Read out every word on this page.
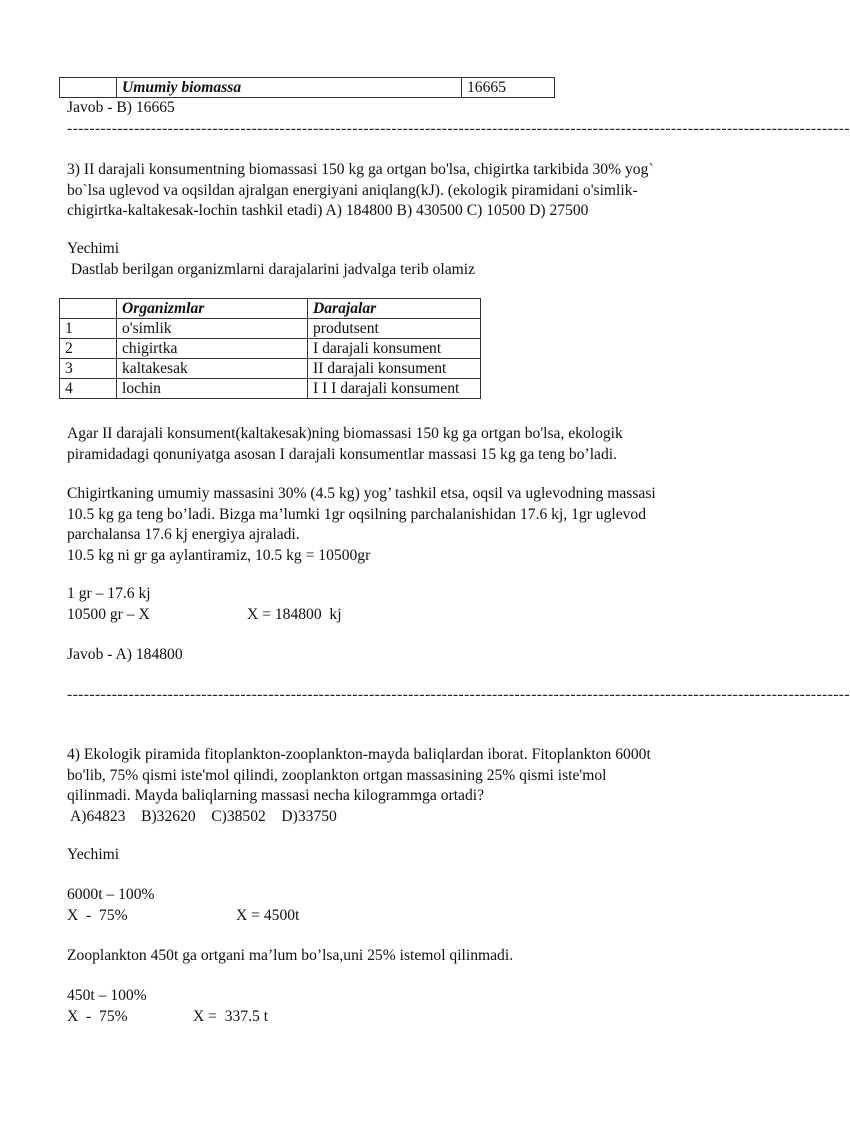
	Umumiy biomassa	16665
Javob - B) 16665
--------------------------------------------------------------------------------------------------------------------------------------------
3) II darajali konsumentning biomassasi 150 kg ga ortgan bo'lsa, chigirtka tarkibida 30% yog`
bo`lsa uglevod va oqsildan ajralgan energiyani aniqlang(kJ). (ekologik piramidani o'simlik-
chigirtka-kaltakesak-lochin tashkil etadi) A) 184800 B) 430500 C) 10500 D) 27500
Yechimi
Dastlab berilgan organizmlarni darajalarini jadvalga terib olamiz
	Organizmlar	Darajalar
1	o'simlik	produtsent
2	chigirtka	I darajali konsument
3	kaltakesak	II darajali konsument
4	lochin	I I I darajali konsument
Agar II darajali konsument(kaltakesak)ning biomassasi 150 kg ga ortgan bo'lsa, ekologik
piramidadagi qonuniyatga asosan I darajali konsumentlar massasi 15 kg ga teng bo’ladi.
Chigirtkaning umumiy massasini 30% (4.5 kg) yog’ tashkil etsa, oqsil va uglevodning massasi
10.5 kg ga teng bo’ladi. Bizga ma’lumki 1gr oqsilning parchalanishidan 17.6 kj, 1gr uglevod
parchalansa 17.6 kj energiya ajraladi.
10.5 kg ni gr ga aylantiramiz, 10.5 kg = 10500gr
1 gr – 17.6 kj
10500 gr – X	X = 184800  kj
Javob - A) 184800
--------------------------------------------------------------------------------------------------------------------------------------------
4) Ekologik piramida fitoplankton-zooplankton-mayda baliqlardan iborat. Fitoplankton 6000t
bo'lib, 75% qismi iste'mol qilindi, zooplankton ortgan massasining 25% qismi iste'mol
qilinmadi. Mayda baliqlarning massasi necha kilogrammga ortadi?
A)64823    B)32620    C)38502    D)33750
Yechimi
6000t – 100%
X  -  75%	X = 4500t
Zooplankton 450t ga ortgani ma’lum bo’lsa,uni 25% istemol qilinmadi.
450t – 100%
X  -  75%	X =  337.5 t
